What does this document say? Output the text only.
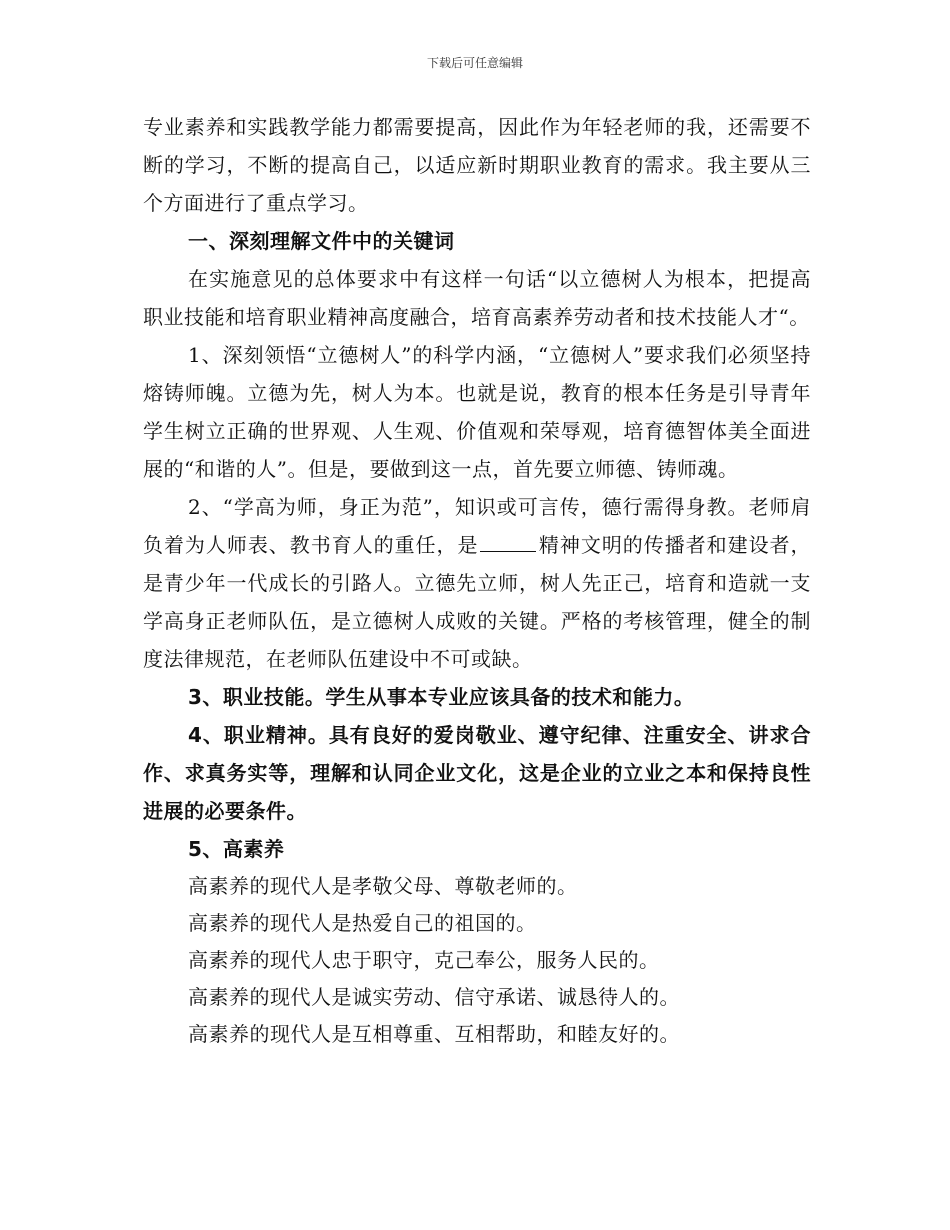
下载后可任意编辑

专业素养和实践教学能力都需要提高，因此作为年轻老师的我，还需要不断的学习，不断的提高自己，以适应新时期职业教育的需求。我主要从三个方面进行了重点学习。

一、深刻理解文件中的关键词

在实施意见的总体要求中有这样一句话“以立德树人为根本，把提高职业技能和培育职业精神高度融合，培育高素养劳动者和技术技能人才“。

1、深刻领悟“立德树人”的科学内涵，“立德树人”要求我们必须坚持熔铸师魄。立德为先，树人为本。也就是说，教育的根本任务是引导青年学生树立正确的世界观、人生观、价值观和荣辱观，培育德智体美全面进展的“和谐的人”。但是，要做到这一点，首先要立师德、铸师魂。

2、“学高为师，身正为范”，知识或可言传，德行需得身教。老师肩负着为人师表、教书育人的重任，是	精神文明的传播者和建设者，是青少年一代成长的引路人。立德先立师，树人先正己，培育和造就一支学高身正老师队伍，是立德树人成败的关键。严格的考核管理，健全的制度法律规范，在老师队伍建设中不可或缺。

3、职业技能。学生从事本专业应该具备的技术和能力。

4、职业精神。具有良好的爱岗敬业、遵守纪律、注重安全、讲求合作、求真务实等，理解和认同企业文化，这是企业的立业之本和保持良性进展的必要条件。

5、高素养

高素养的现代人是孝敬父母、尊敬老师的。

高素养的现代人是热爱自己的祖国的。

高素养的现代人忠于职守，克己奉公，服务人民的。

高素养的现代人是诚实劳动、信守承诺、诚恳待人的。

高素养的现代人是互相尊重、互相帮助，和睦友好的。
